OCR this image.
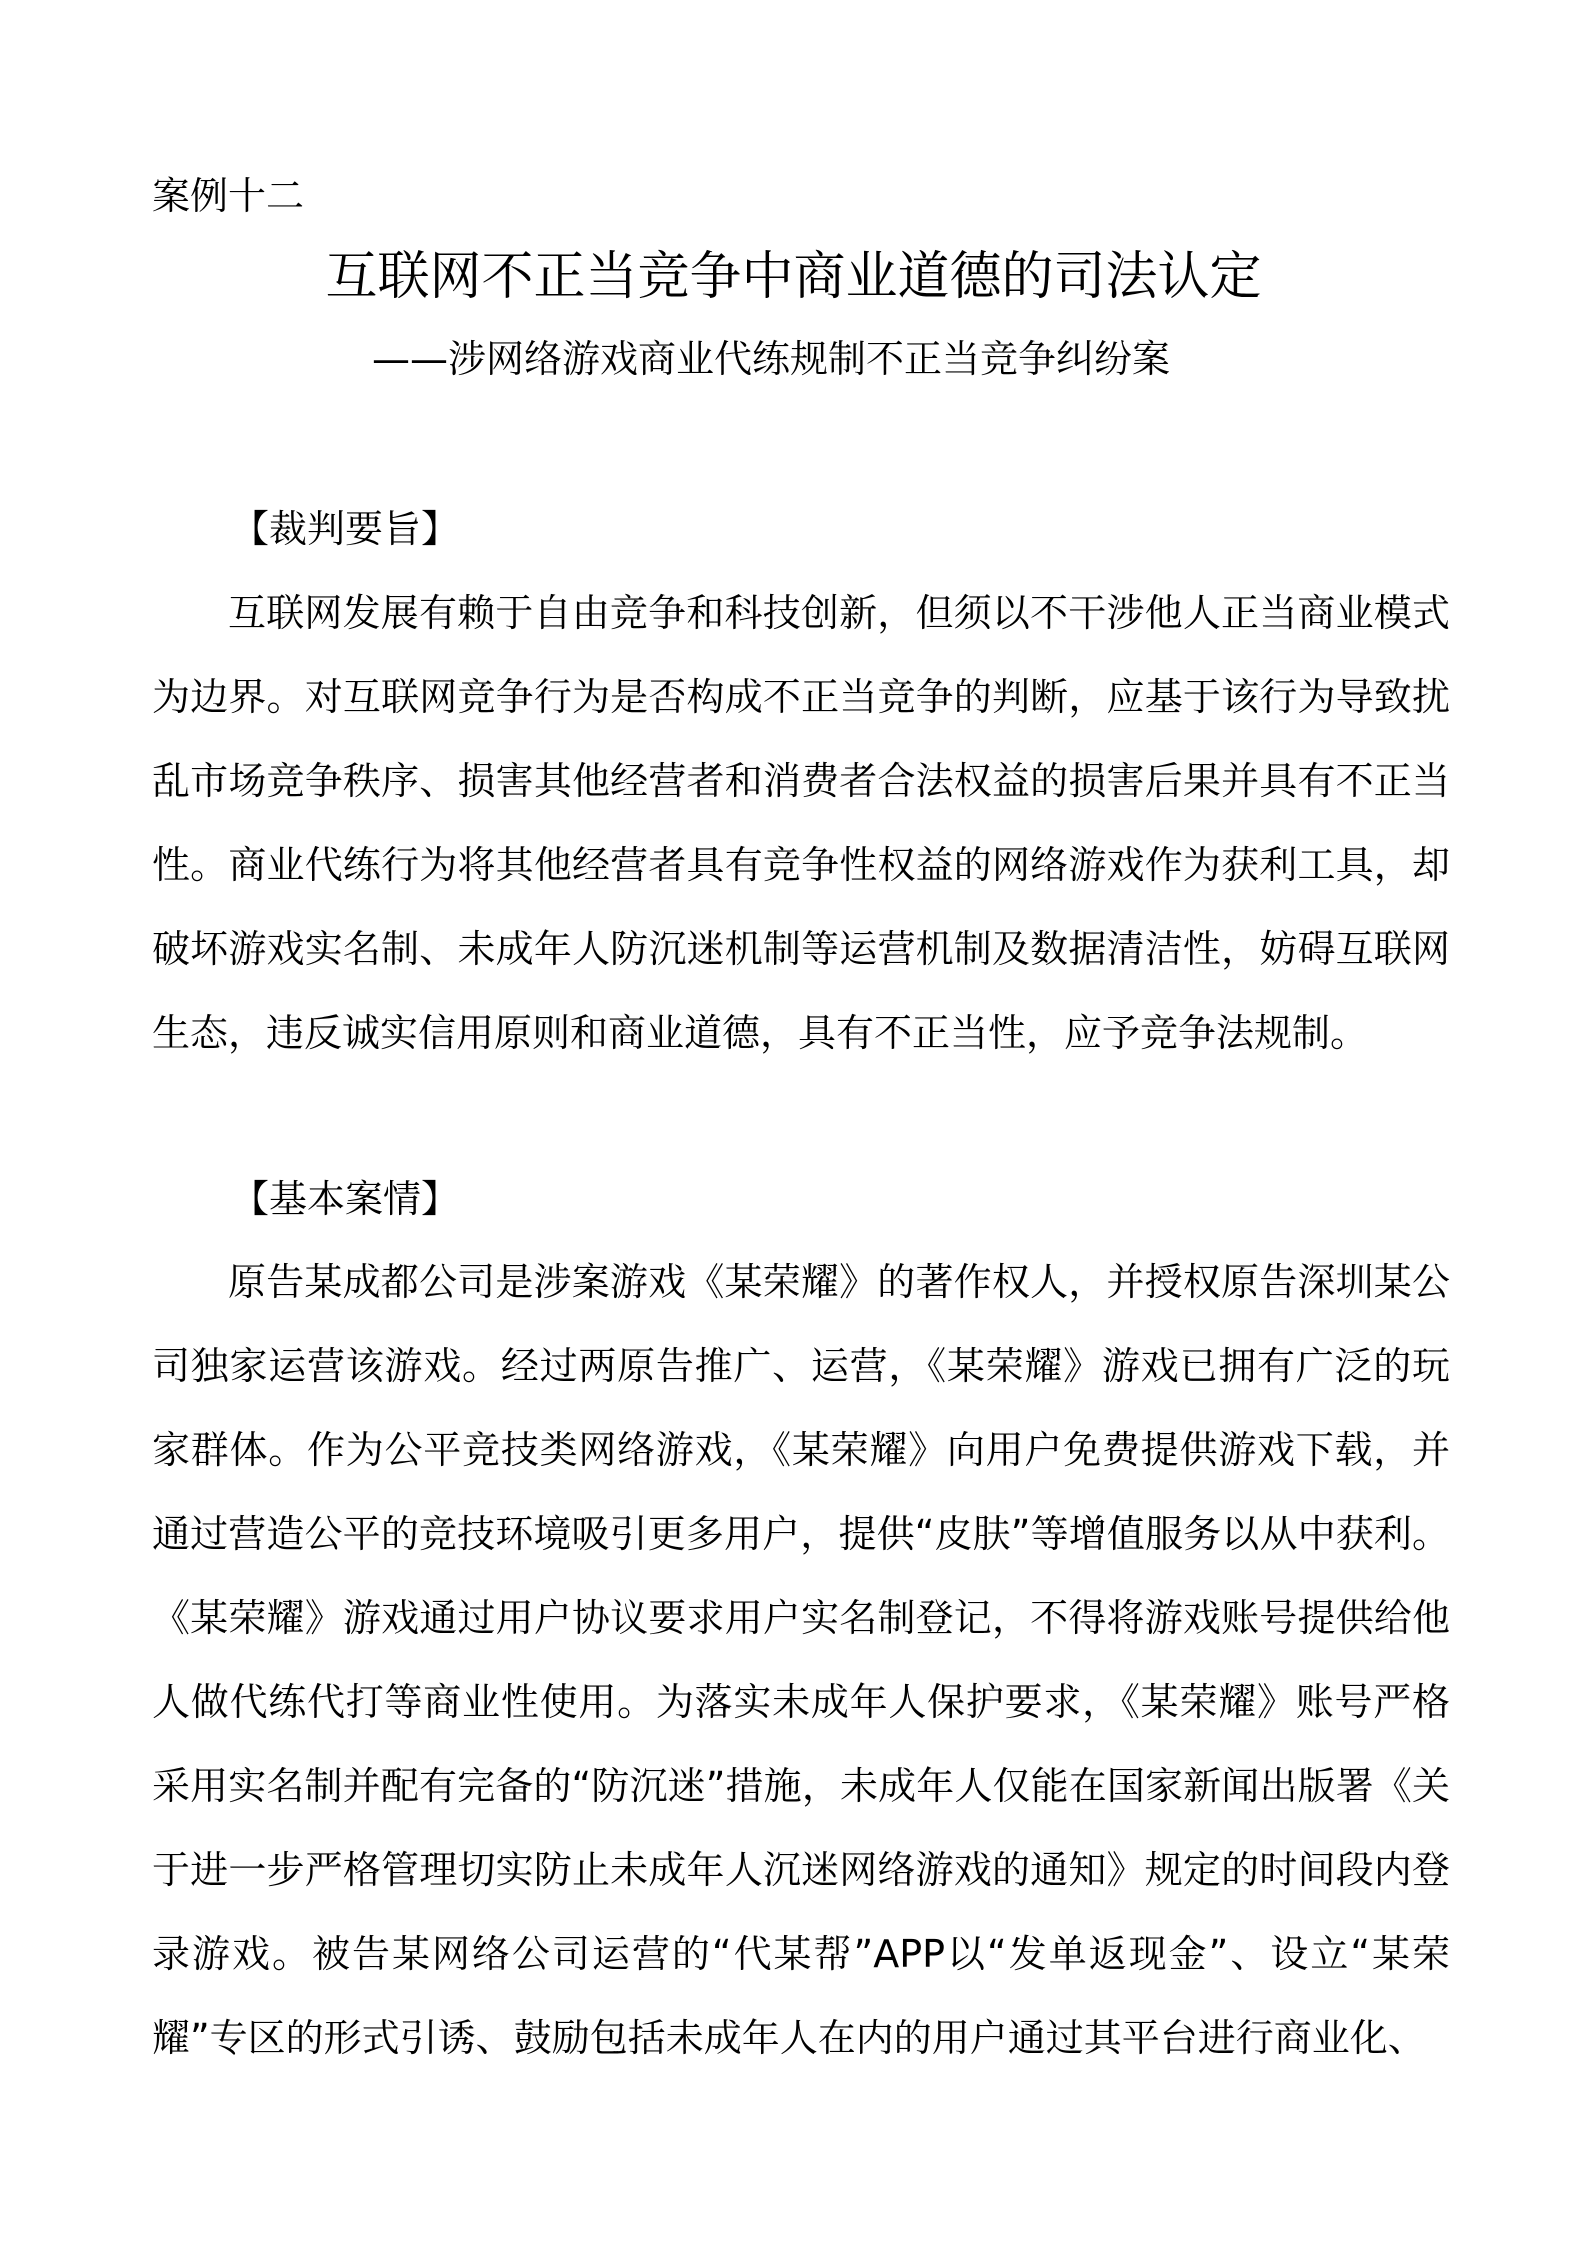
案例十二
互联网不正当竞争中商业道德的司法认定
——涉网络游戏商业代练规制不正当竞争纠纷案
【裁判要旨】

互联网发展有赖于自由竞争和科技创新，但须以不干涉他人正当商业模式为边界。对互联网竞争行为是否构成不正当竞争的判断，应基于该行为导致扰乱市场竞争秩序、损害其他经营者和消费者合法权益的损害后果并具有不正当性。商业代练行为将其他经营者具有竞争性权益的网络游戏作为获利工具，却破坏游戏实名制、未成年人防沉迷机制等运营机制及数据清洁性，妨碍互联网生态，违反诚实信用原则和商业道德，具有不正当性，应予竞争法规制。

【基本案情】

原告某成都公司是涉案游戏《某荣耀》的著作权人，并授权原告深圳某公司独家运营该游戏。经过两原告推广、运营，《某荣耀》游戏已拥有广泛的玩家群体。作为公平竞技类网络游戏，《某荣耀》向用户免费提供游戏下载，并通过营造公平的竞技环境吸引更多用户，提供“皮肤”等增值服务以从中获利。《某荣耀》游戏通过用户协议要求用户实名制登记，不得将游戏账号提供给他人做代练代打等商业性使用。为落实未成年人保护要求，《某荣耀》账号严格采用实名制并配有完备的“防沉迷”措施，未成年人仅能在国家新闻出版署《关于进一步严格管理切实防止未成年人沉迷网络游戏的通知》规定的时间段内登录游戏。被告某网络公司运营的“代某帮”APP以“发单返现金”、设立“某荣耀”专区的形式引诱、鼓励包括未成年人在内的用户通过其平台进行商业化、
